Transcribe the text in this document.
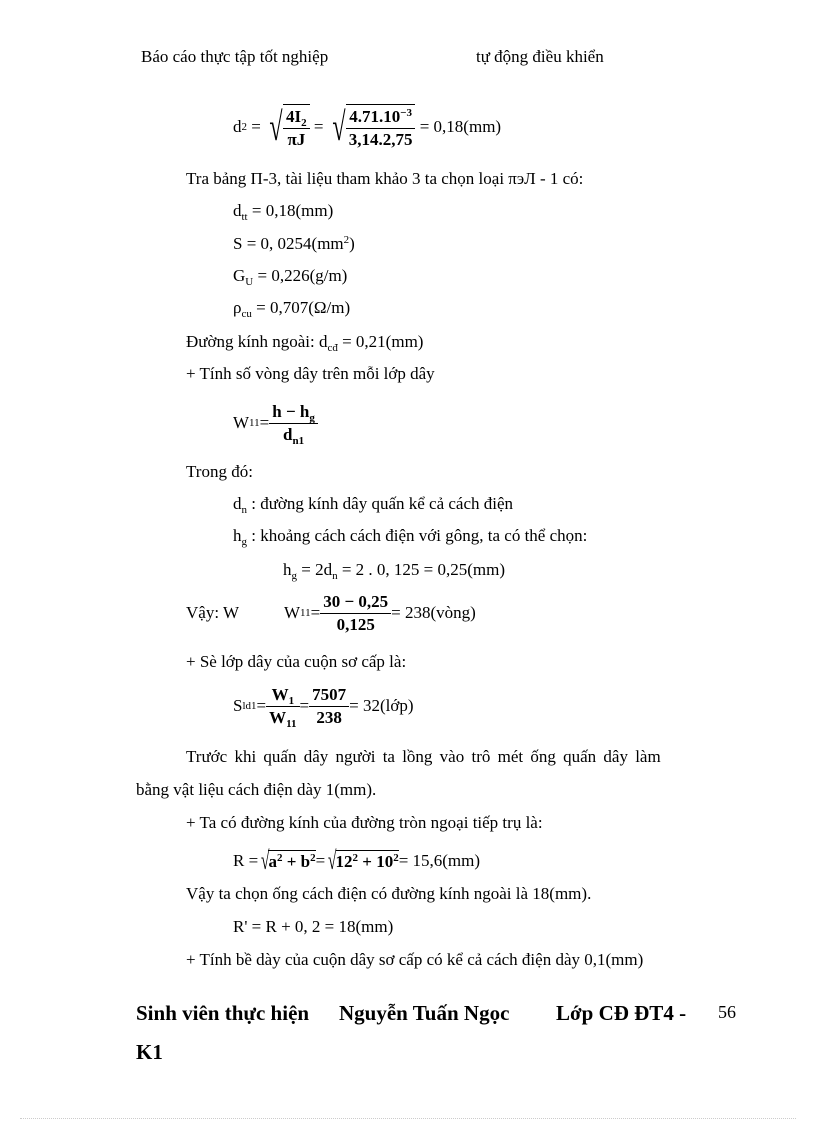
Báo cáo thực tập tốt nghiệp	tự động điều khiển
d 2
=
√ $\frac{4I_2}{\pi J}$
=
√ $\frac{4.71.10^{-3}}{3,14.2,75}$
= 0,18(mm)
Tra bảng Π-3, tài liệu tham khảo 3 ta chọn loại πэЛ - 1 có:
$d_{tt} = 0,18(mm)$
S = 0, $0254(mm^2)$
$G_U = 0,226(g/m)$
$\rho_{cu} = 0,707(\Omega/m)$
Đường kính ngoài: $d_{cđ} = 0,21(mm)$
+ Tính số vòng dây trên mỗi lớp dây
W $11 = \frac{h - h_g}{d_{n1}}$
Trong đó:
$d_n$ : đường kính dây quấn kể cả cách điện
$h_g$ : khoảng cách cách điện với gông, ta có thể chọn:
$h_g = 2d_n = 2$ . 0, 125 = 0,25(mm)
Vậy: W	W $11 = \frac{30 - 0,25}{0,125}$ = 238(vòng)
+ Sè lớp dây của cuộn sơ cấp là:
S $ld1 = \frac{W_1}{W_{11}} = \frac{7507}{238}$ = 32(lớp)
Trước khi quấn dây người ta lồng vào trô mét ống quấn dây làm
bằng vật liệu cách điện dày 1(mm).
+ Ta có đường kính của đường tròn ngoại tiếp trụ là:
$R = √a^2 + b^2 = √12^2 + 10^2 = 15,6(mm)$
Vậy ta chọn ống cách điện có đường kính ngoài là 18(mm).
R' = R + 0, 2 = 18(mm)
+ Tính bề dày của cuộn dây sơ cấp có kể cả cách điện dày 0,1(mm)
Sinh viên thực hiện Nguyễn Tuấn Ngọc Lớp CĐ ĐT4 - 56
K1
